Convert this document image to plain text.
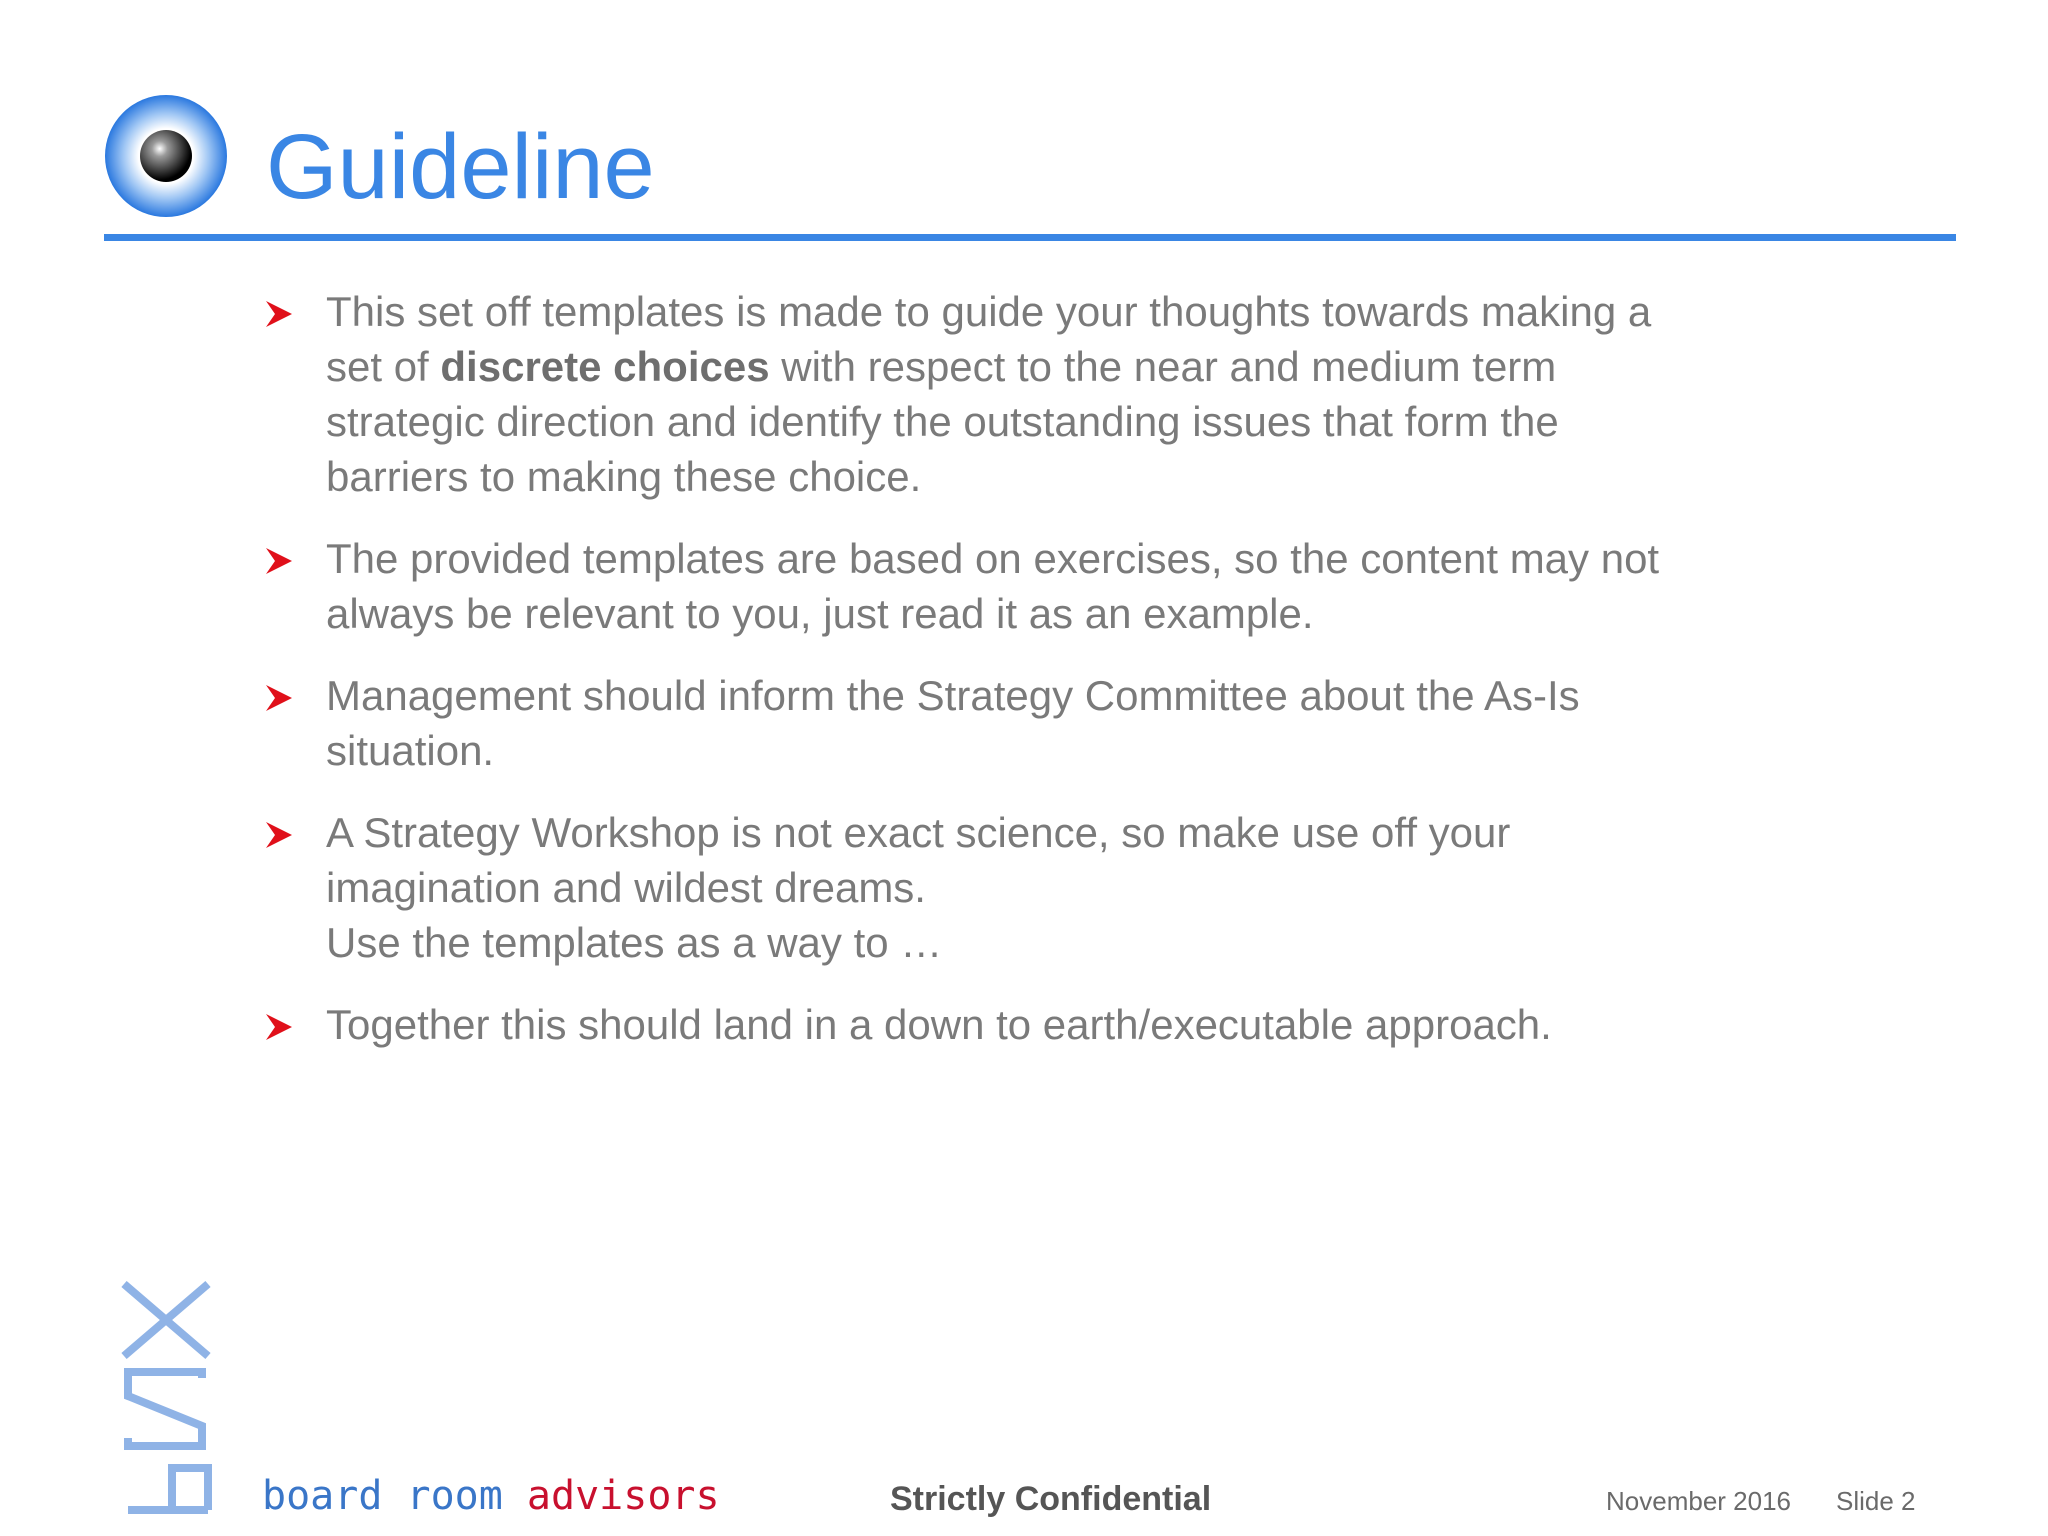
Guideline
This set off templates is made to guide your thoughts towards making a
set of discrete choices with respect to the near and medium term
strategic direction and identify the outstanding issues that form the
barriers to making these choice.
The provided templates are based on exercises, so the content may not
always be relevant to you, just read it as an example.
Management should inform the Strategy Committee about the As-Is
situation.
A Strategy Workshop is not exact science, so make use off your
imagination and wildest dreams.
Use the templates as a way to …
Together this should land in a down to earth/executable approach.
board room advisors	Strictly Confidential	November 2016 Slide 2
